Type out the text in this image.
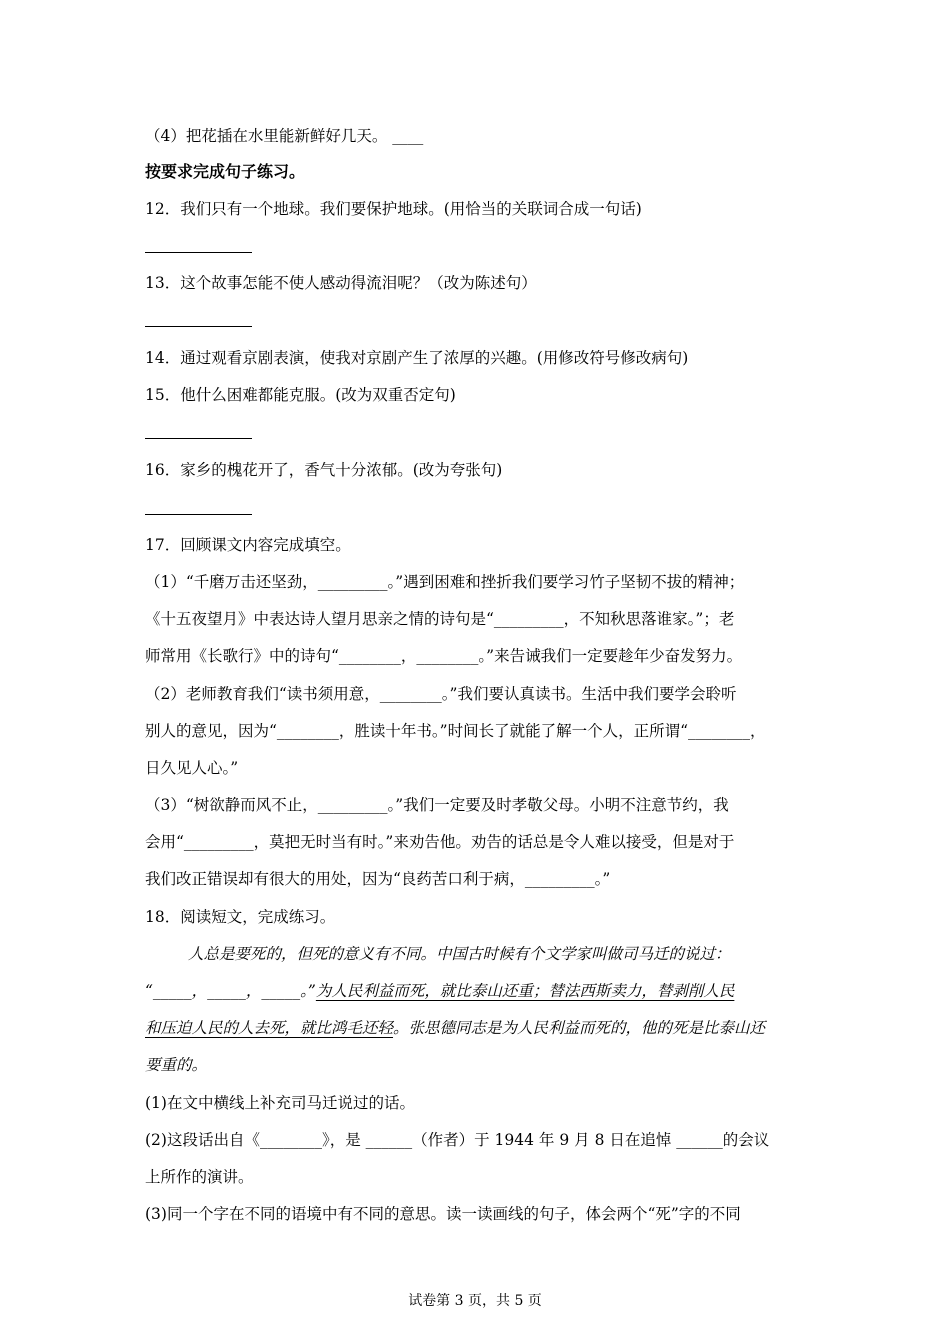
（4）把花插在水里能新鲜好几天。 ____
按要求完成句子练习。
12．我们只有一个地球。我们要保护地球。(用恰当的关联词合成一句话)
13．这个故事怎能不使人感动得流泪呢？（改为陈述句）
14．通过观看京剧表演，使我对京剧产生了浓厚的兴趣。(用修改符号修改病句)
15．他什么困难都能克服。(改为双重否定句)
16．家乡的槐花开了，香气十分浓郁。(改为夸张句)
17．回顾课文内容完成填空。
（1）“千磨万击还坚劲，_________。”遇到困难和挫折我们要学习竹子坚韧不拔的精神；
《十五夜望月》中表达诗人望月思亲之情的诗句是“_________，不知秋思落谁家。”；老
师常用《长歌行》中的诗句“________，________。”来告诫我们一定要趁年少奋发努力。
（2）老师教育我们“读书须用意，________。”我们要认真读书。生活中我们要学会聆听
别人的意见，因为“________，胜读十年书。”时间长了就能了解一个人，正所谓“________，
日久见人心。”
（3）“树欲静而风不止，_________。”我们一定要及时孝敬父母。小明不注意节约，我
会用“_________，莫把无时当有时。”来劝告他。劝告的话总是令人难以接受，但是对于
我们改正错误却有很大的用处，因为“良药苦口利于病，_________。”
18．阅读短文，完成练习。
人总是要死的，但死的意义有不同。中国古时候有个文学家叫做司马迁的说过：
“_____，_____，_____。”为人民利益而死，就比泰山还重；替法西斯卖力，替剥削人民
和压迫人民的人去死，就比鸿毛还轻。张思德同志是为人民利益而死的，他的死是比泰山还
要重的。
(1)在文中横线上补充司马迁说过的话。
(2)这段话出自《________》，是 ______（作者）于 1944 年 9 月 8 日在追悼 ______的会议
上所作的演讲。
(3)同一个字在不同的语境中有不同的意思。读一读画线的句子，体会两个“死”字的不同
试卷第 3 页，共 5 页
